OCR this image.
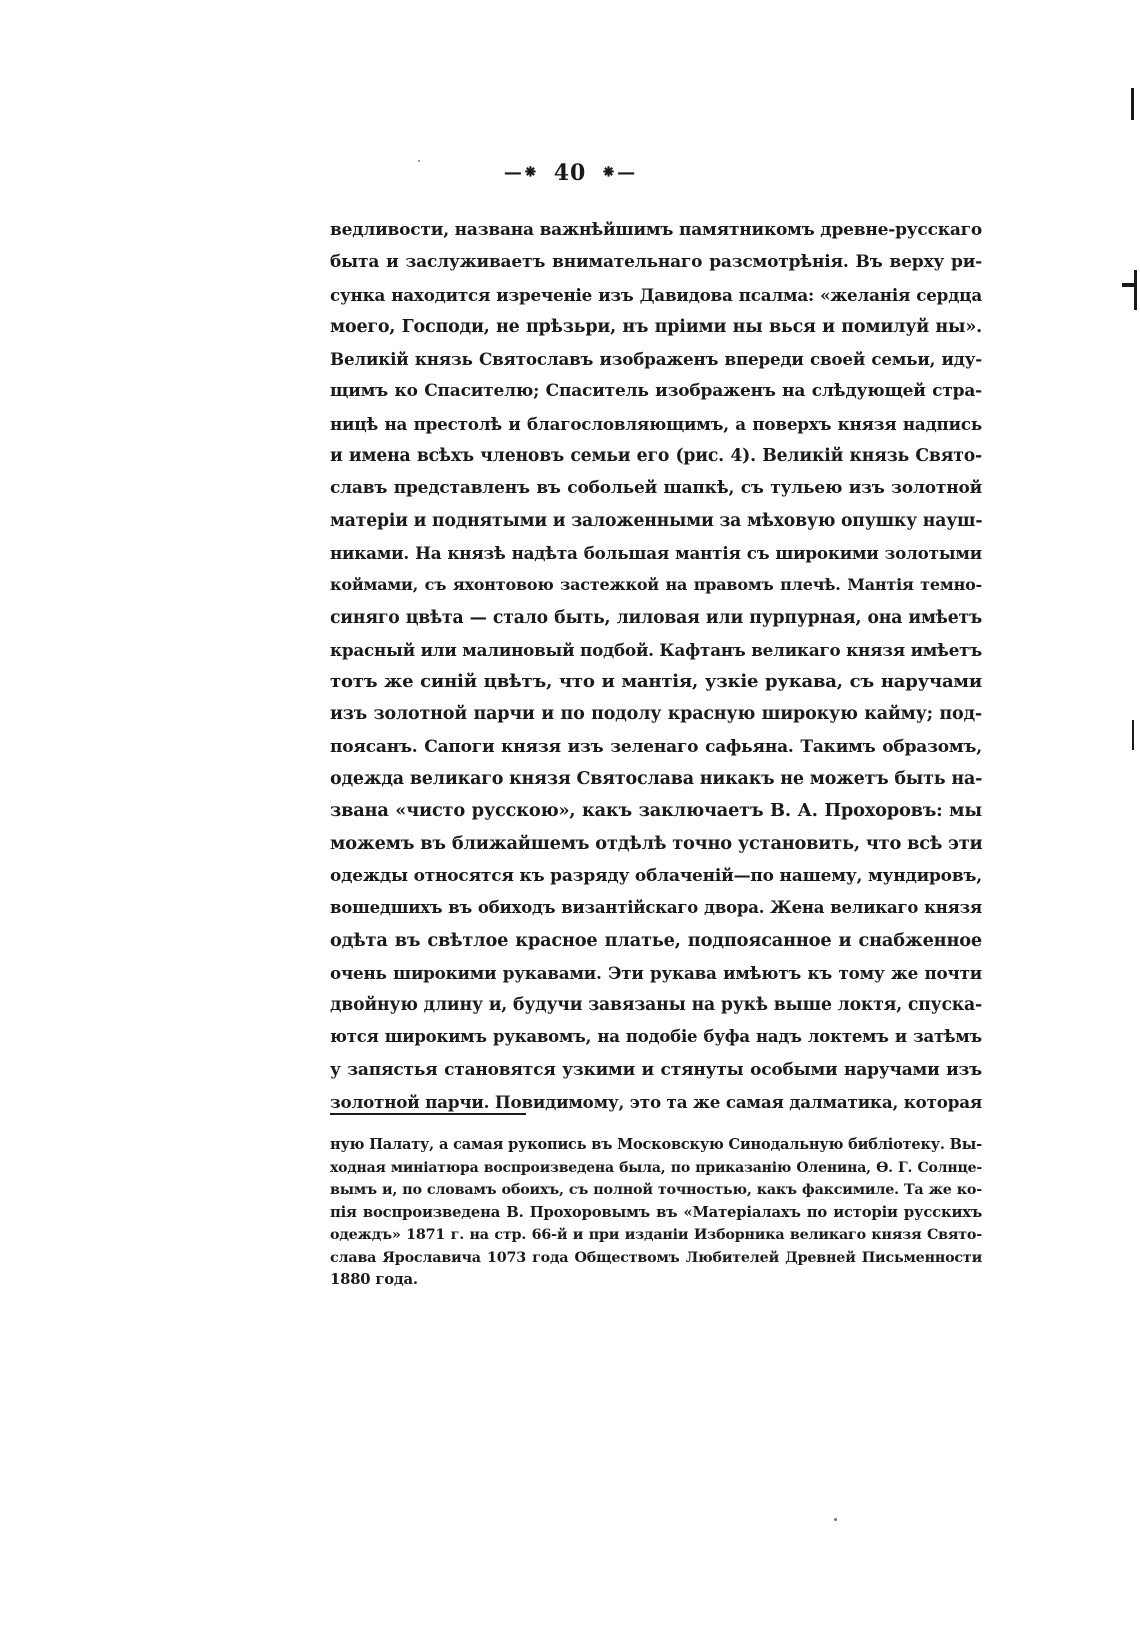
—⁕ 40 ⁕—
ведливости, названа важнѣйшимъ памятникомъ древне-русскаго
быта и заслуживаетъ внимательнаго разсмотрѣнія. Въ верху ри-
сунка находится изреченіе изъ Давидова псалма: «желанія сердца
моего, Господи, не прѣзьри, нъ пріими ны вься и помилуй ны».
Великій князь Святославъ изображенъ впереди своей семьи, иду-
щимъ ко Спасителю; Спаситель изображенъ на слѣдующей стра-
ницѣ на престолѣ и благословляющимъ, а поверхъ князя надпись
и имена всѣхъ членовъ семьи его (рис. 4). Великій князь Свято-
славъ представленъ въ собольей шапкѣ, съ тульею изъ золотной
матеріи и поднятыми и заложенными за мѣховую опушку науш-
никами. На князѣ надѣта большая мантія съ широкими золотыми
коймами, съ яхонтовою застежкой на правомъ плечѣ. Мантія темно-
синяго цвѣта — стало быть, лиловая или пурпурная, она имѣетъ
красный или малиновый подбой. Кафтанъ великаго князя имѣетъ
тотъ же синій цвѣтъ, что и мантія, узкіе рукава, съ наручами
изъ золотной парчи и по подолу красную широкую кайму; под-
поясанъ. Сапоги князя изъ зеленаго сафьяна. Такимъ образомъ,
одежда великаго князя Святослава никакъ не можетъ быть на-
звана «чисто русскою», какъ заключаетъ В. А. Прохоровъ: мы
можемъ въ ближайшемъ отдѣлѣ точно установить, что всѣ эти
одежды относятся къ разряду облаченій—по нашему, мундировъ,
вошедшихъ въ обиходъ византійскаго двора. Жена великаго князя
одѣта въ свѣтлое красное платье, подпоясанное и снабженное
очень широкими рукавами. Эти рукава имѣютъ къ тому же почти
двойную длину и, будучи завязаны на рукѣ выше локтя, спуска-
ются широкимъ рукавомъ, на подобіе буфа надъ локтемъ и затѣмъ
у запястья становятся узкими и стянуты особыми наручами изъ
золотной парчи. Повидимому, это та же самая далматика, которая
ную Палату, а самая рукопись въ Московскую Синодальную библіотеку. Вы-
ходная миніатюра воспроизведена была, по приказанію Оленина, Ѳ. Г. Солнце-
вымъ и, по словамъ обоихъ, съ полной точностью, какъ факсимиле. Та же ко-
пія воспроизведена В. Прохоровымъ въ «Матеріалахъ по исторіи русскихъ
одеждъ» 1871 г. на стр. 66-й и при изданіи Изборника великаго князя Свято-
слава Ярославича 1073 года Обществомъ Любителей Древней Письменности
1880 года.
